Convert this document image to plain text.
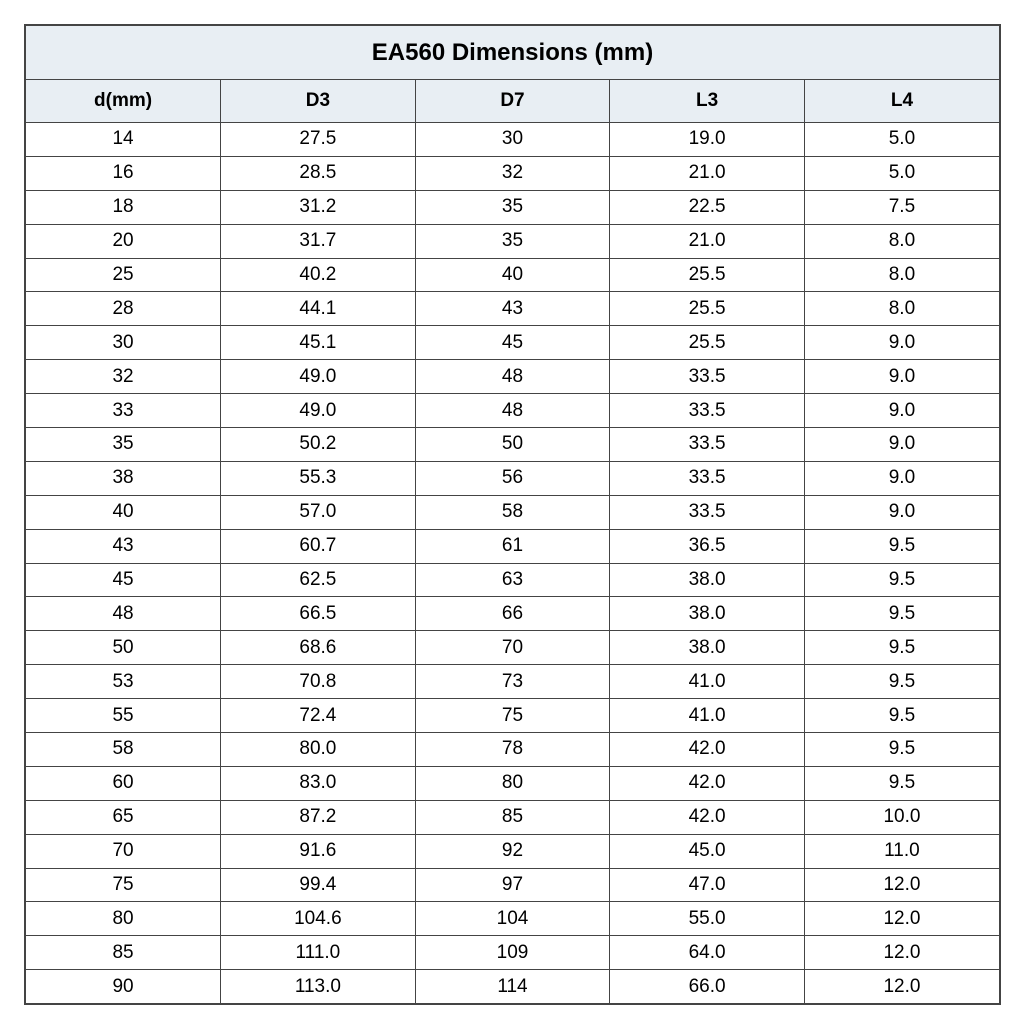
EA560 Dimensions (mm)
d(mm)	D3	D7	L3	L4
14	27.5	30	19.0	5.0
16	28.5	32	21.0	5.0
18	31.2	35	22.5	7.5
20	31.7	35	21.0	8.0
25	40.2	40	25.5	8.0
28	44.1	43	25.5	8.0
30	45.1	45	25.5	9.0
32	49.0	48	33.5	9.0
33	49.0	48	33.5	9.0
35	50.2	50	33.5	9.0
38	55.3	56	33.5	9.0
40	57.0	58	33.5	9.0
43	60.7	61	36.5	9.5
45	62.5	63	38.0	9.5
48	66.5	66	38.0	9.5
50	68.6	70	38.0	9.5
53	70.8	73	41.0	9.5
55	72.4	75	41.0	9.5
58	80.0	78	42.0	9.5
60	83.0	80	42.0	9.5
65	87.2	85	42.0	10.0
70	91.6	92	45.0	11.0
75	99.4	97	47.0	12.0
80	104.6	104	55.0	12.0
85	111.0	109	64.0	12.0
90	113.0	114	66.0	12.0
